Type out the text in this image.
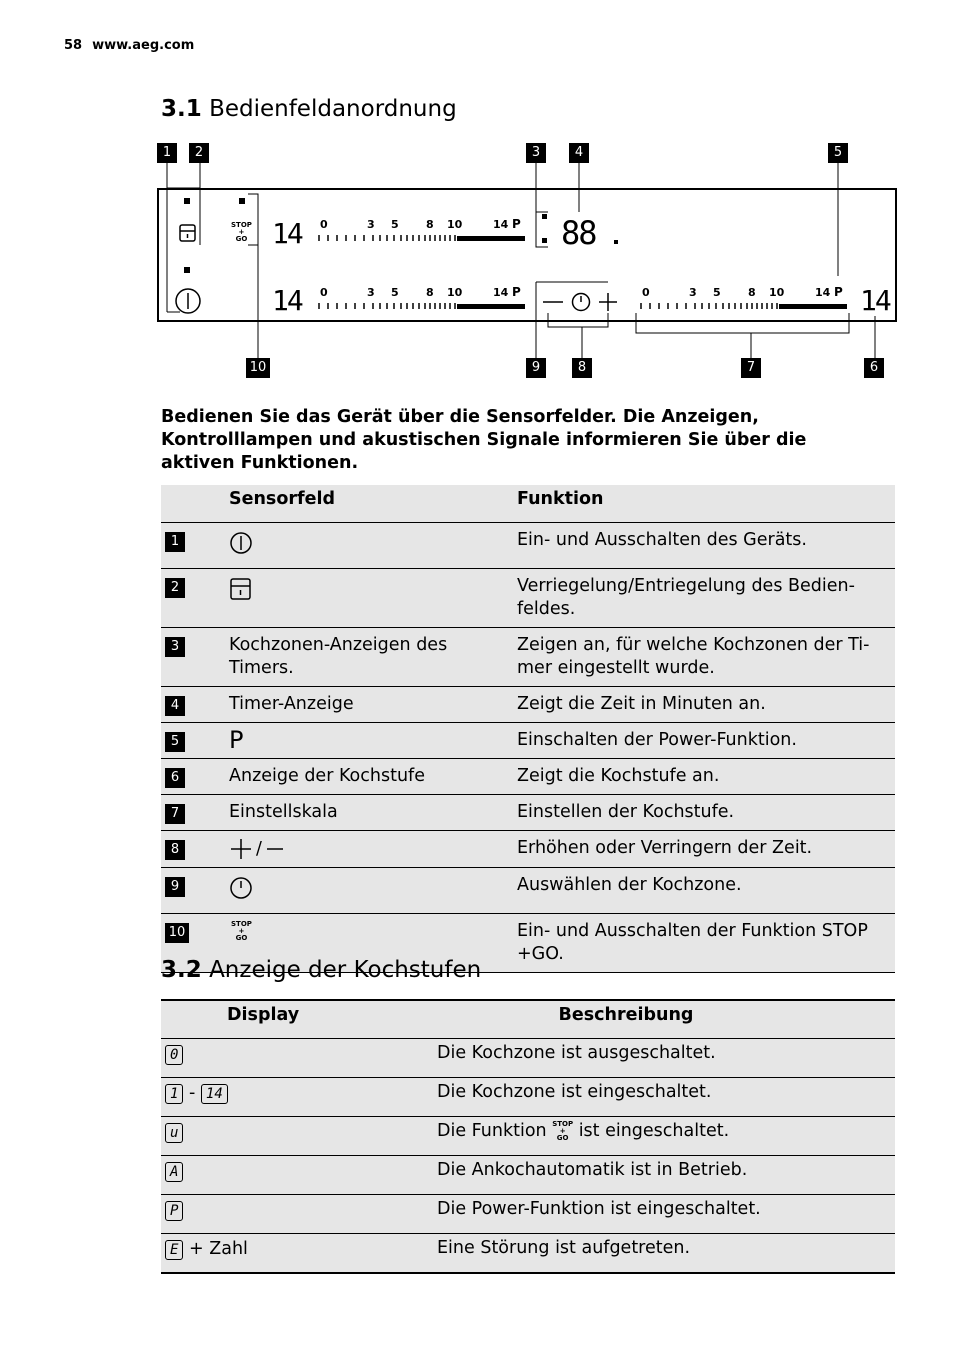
58 www.aeg.com
3.1 Bedienfeldanordnung
1	2	3	4	5
6
7
8
9
10
STOP
+
GO 14 0	3 5 8 10	14 P 88
14 0	3 5 8 10	14 P	0	3 5 8 10	14 P 14
Bedienen Sie das Gerät über die Sensorfelder. Die Anzeigen, Kontrolllampen und akustischen Signale informieren Sie über die aktiven Funktionen.
	Sensorfeld	Funktion
1		Ein- und Ausschalten des Geräts.
2		Verriegelung/Entriegelung des Bedien-feldes.
3	Kochzonen-Anzeigen des Timers.	Zeigen an, für welche Kochzonen der Ti-mer eingestellt wurde.
4	Timer-Anzeige	Zeigt die Zeit in Minuten an.
5	P	Einschalten der Power-Funktion.
6	Anzeige der Kochstufe	Zeigt die Kochstufe an.
7	Einstellskala	Einstellen der Kochstufe.
8	/	Erhöhen oder Verringern der Zeit.
9		Auswählen der Kochzone.
10	STOP
+
GO	Ein- und Ausschalten der Funktion STOP +GO.
3.2 Anzeige der Kochstufen
Display	Beschreibung
0	Die Kochzone ist ausgeschaltet.
1 - 14	Die Kochzone ist eingeschaltet.
u	Die Funktion STOP
+
GO ist eingeschaltet.
A	Die Ankochautomatik ist in Betrieb.
P	Die Power-Funktion ist eingeschaltet.
E + Zahl	Eine Störung ist aufgetreten.
